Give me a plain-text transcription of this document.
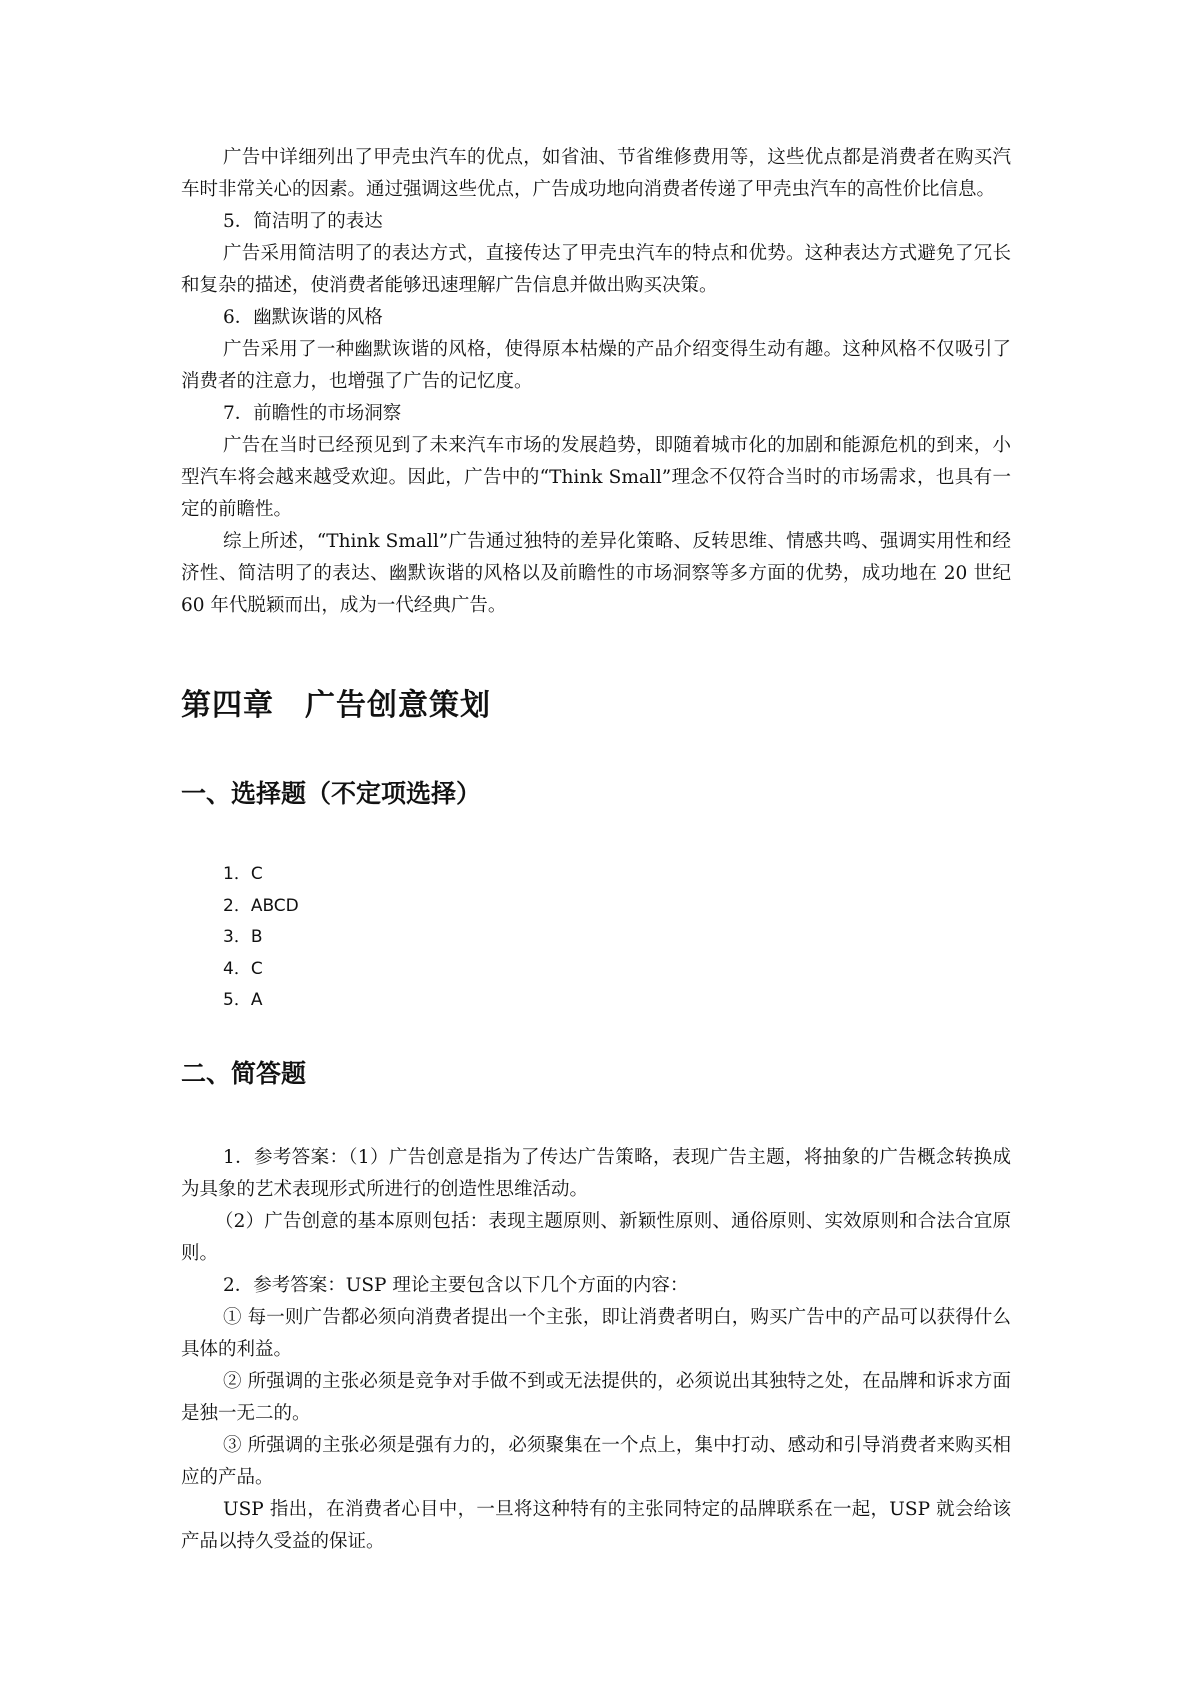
广告中详细列出了甲壳虫汽车的优点，如省油、节省维修费用等，这些优点都是消费者在购买汽车时非常关心的因素。通过强调这些优点，广告成功地向消费者传递了甲壳虫汽车的高性价比信息。

5．简洁明了的表达

广告采用简洁明了的表达方式，直接传达了甲壳虫汽车的特点和优势。这种表达方式避免了冗长和复杂的描述，使消费者能够迅速理解广告信息并做出购买决策。

6．幽默诙谐的风格

广告采用了一种幽默诙谐的风格，使得原本枯燥的产品介绍变得生动有趣。这种风格不仅吸引了消费者的注意力，也增强了广告的记忆度。

7．前瞻性的市场洞察

广告在当时已经预见到了未来汽车市场的发展趋势，即随着城市化的加剧和能源危机的到来，小型汽车将会越来越受欢迎。因此，广告中的“Think Small”理念不仅符合当时的市场需求，也具有一定的前瞻性。

综上所述，“Think Small”广告通过独特的差异化策略、反转思维、情感共鸣、强调实用性和经济性、简洁明了的表达、幽默诙谐的风格以及前瞻性的市场洞察等多方面的优势，成功地在 20 世纪 60 年代脱颖而出，成为一代经典广告。

第四章　广告创意策划
一、选择题（不定项选择）

1．C

2．ABCD

3．B

4．C

5．A

二、简答题

1．参考答案：（1）广告创意是指为了传达广告策略，表现广告主题，将抽象的广告概念转换成为具象的艺术表现形式所进行的创造性思维活动。

（2）广告创意的基本原则包括：表现主题原则、新颖性原则、通俗原则、实效原则和合法合宜原则。

2．参考答案：USP 理论主要包含以下几个方面的内容：

① 每一则广告都必须向消费者提出一个主张，即让消费者明白，购买广告中的产品可以获得什么具体的利益。

② 所强调的主张必须是竞争对手做不到或无法提供的，必须说出其独特之处，在品牌和诉求方面是独一无二的。

③ 所强调的主张必须是强有力的，必须聚集在一个点上，集中打动、感动和引导消费者来购买相应的产品。

USP 指出，在消费者心目中，一旦将这种特有的主张同特定的品牌联系在一起，USP 就会给该产品以持久受益的保证。
